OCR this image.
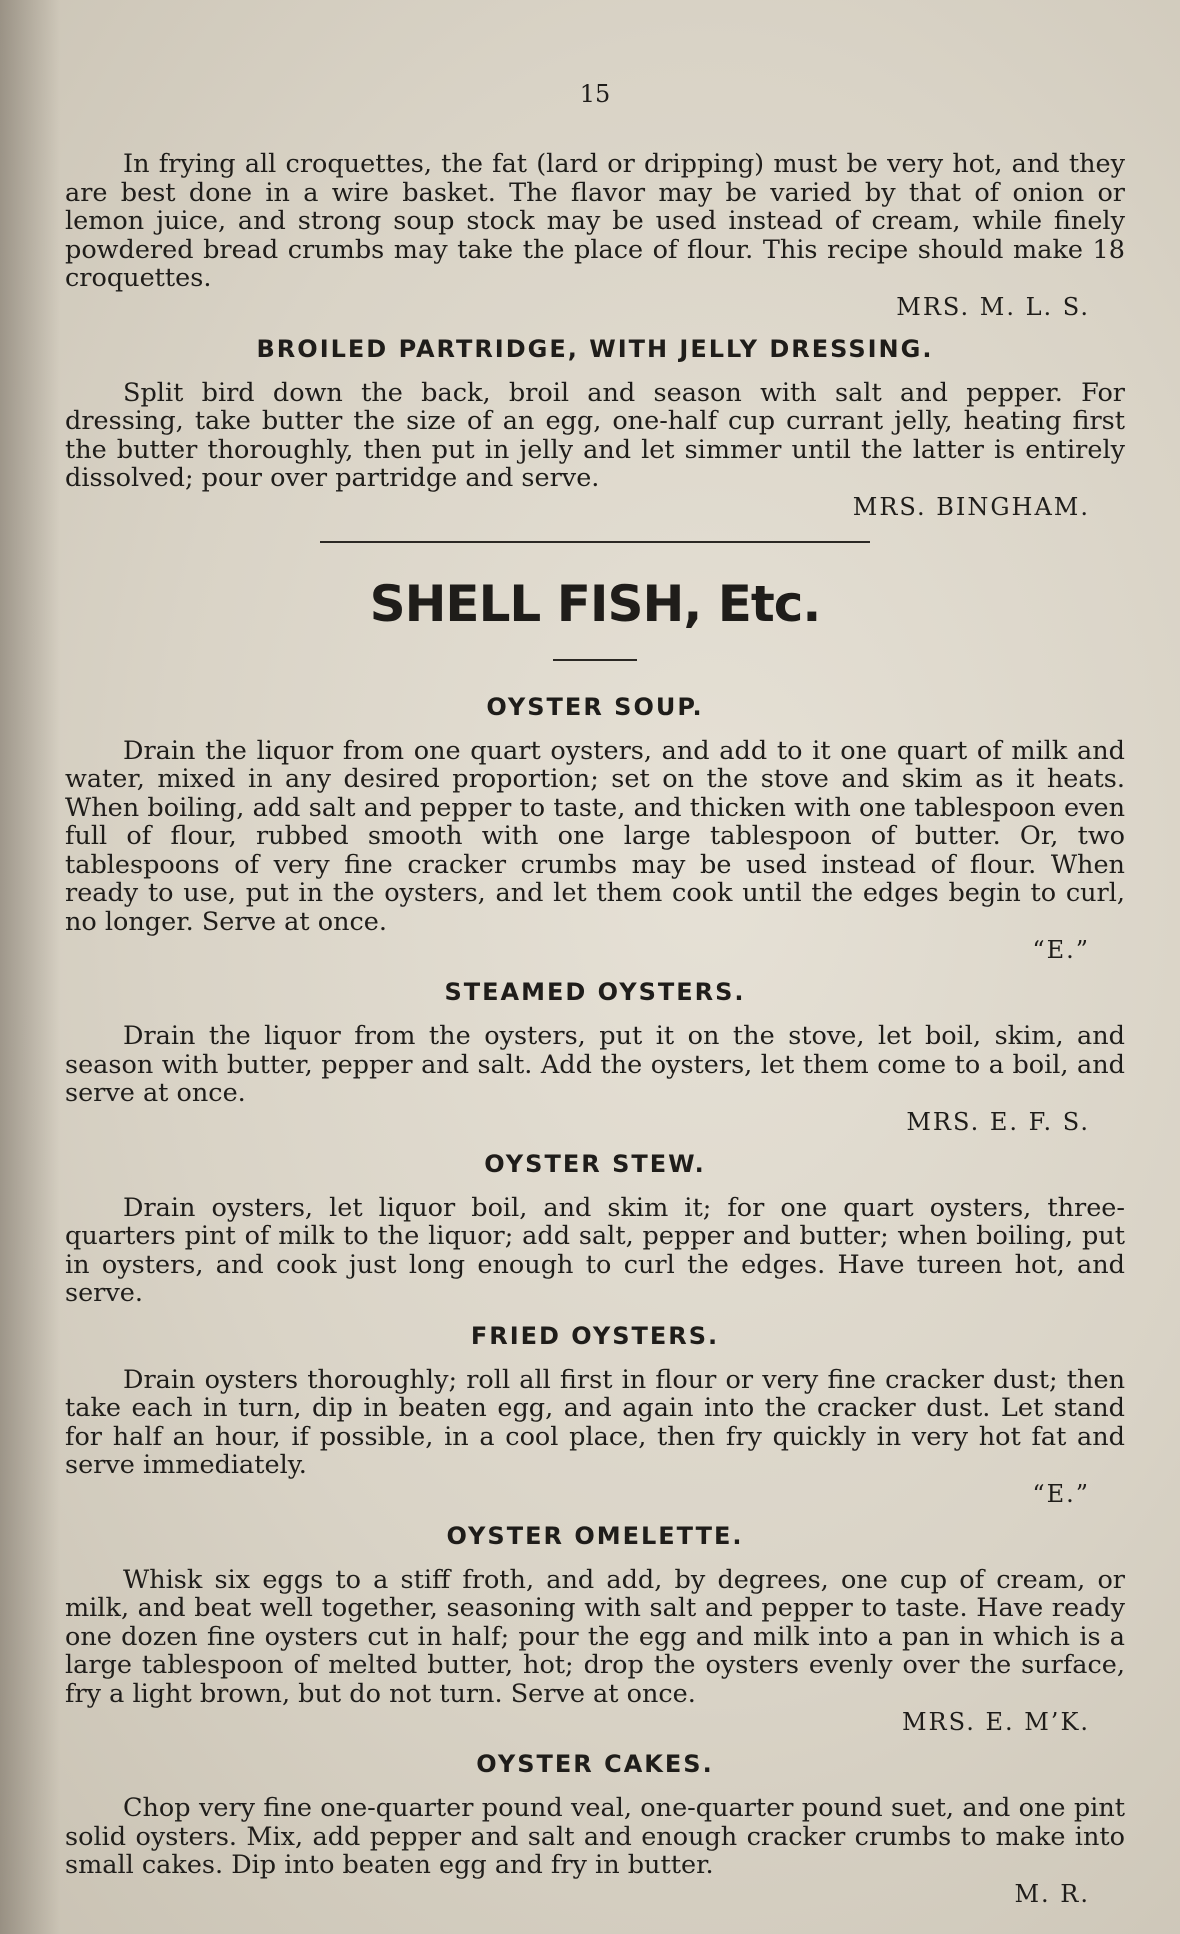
15

In frying all croquettes, the fat (lard or dripping) must be very hot, and they are best done in a wire basket. The flavor may be varied by that of onion or lemon juice, and strong soup stock may be used instead of cream, while finely powdered bread crumbs may take the place of flour. This recipe should make 18 croquettes.

MRS. M. L. S.
BROILED PARTRIDGE, WITH JELLY DRESSING.

Split bird down the back, broil and season with salt and pepper. For dressing, take butter the size of an egg, one-half cup currant jelly, heating first the butter thoroughly, then put in jelly and let simmer until the latter is entirely dissolved; pour over partridge and serve.

MRS. BINGHAM.
SHELL FISH, Etc.
OYSTER SOUP.

Drain the liquor from one quart oysters, and add to it one quart of milk and water, mixed in any desired proportion; set on the stove and skim as it heats. When boiling, add salt and pepper to taste, and thicken with one tablespoon even full of flour, rubbed smooth with one large tablespoon of butter. Or, two tablespoons of very fine cracker crumbs may be used instead of flour. When ready to use, put in the oysters, and let them cook until the edges begin to curl, no longer. Serve at once.

“E.”
STEAMED OYSTERS.

Drain the liquor from the oysters, put it on the stove, let boil, skim, and season with butter, pepper and salt. Add the oysters, let them come to a boil, and serve at once.

MRS. E. F. S.
OYSTER STEW.

Drain oysters, let liquor boil, and skim it; for one quart oysters, three-quarters pint of milk to the liquor; add salt, pepper and butter; when boiling, put in oysters, and cook just long enough to curl the edges. Have tureen hot, and serve.

FRIED OYSTERS.

Drain oysters thoroughly; roll all first in flour or very fine cracker dust; then take each in turn, dip in beaten egg, and again into the cracker dust. Let stand for half an hour, if possible, in a cool place, then fry quickly in very hot fat and serve immediately.

“E.”
OYSTER OMELETTE.

Whisk six eggs to a stiff froth, and add, by degrees, one cup of cream, or milk, and beat well together, seasoning with salt and pepper to taste. Have ready one dozen fine oysters cut in half; pour the egg and milk into a pan in which is a large tablespoon of melted butter, hot; drop the oysters evenly over the surface, fry a light brown, but do not turn. Serve at once.

MRS. E. M’K.
OYSTER CAKES.

Chop very fine one-quarter pound veal, one-quarter pound suet, and one pint solid oysters. Mix, add pepper and salt and enough cracker crumbs to make into small cakes. Dip into beaten egg and fry in butter.

M. R.
